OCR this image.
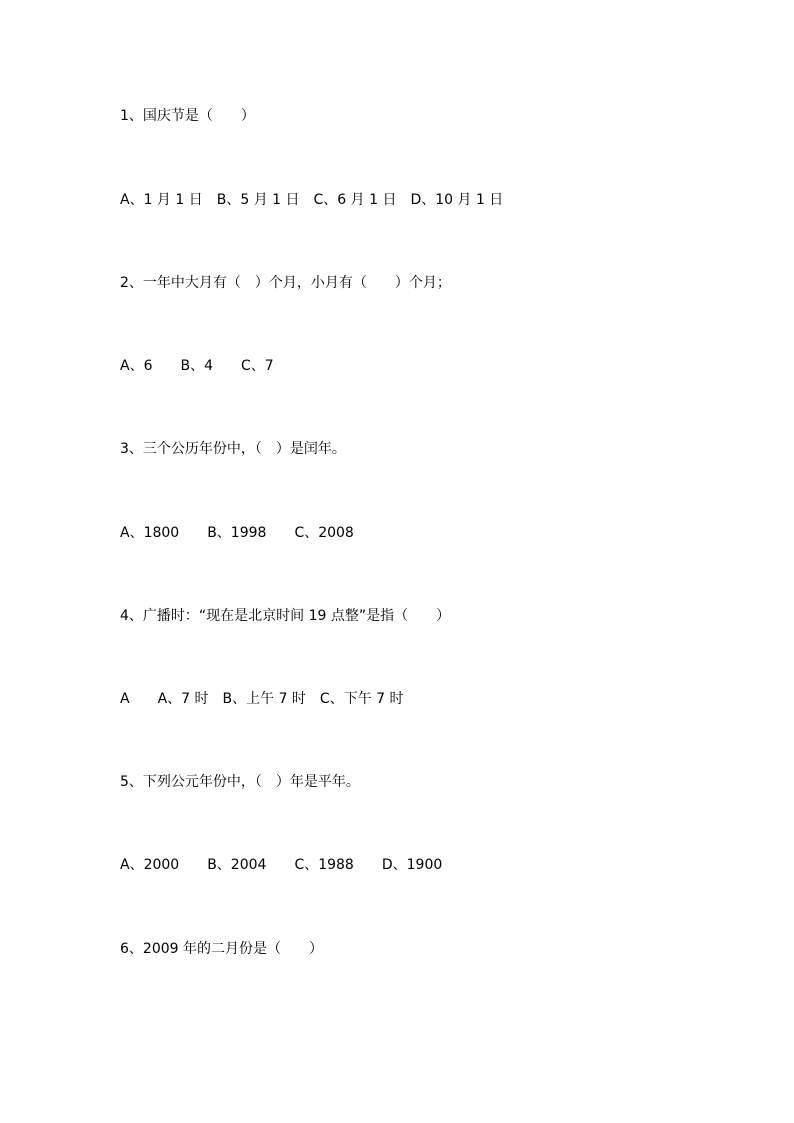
1、国庆节是（　　）
A、1 月 1 日　B、5 月 1 日　C、6 月 1 日　D、10 月 1 日
2、一年中大月有（　）个月，小月有（　　）个月；
A、6　　B、4　　C、7
3、三个公历年份中，（　）是闰年。
A、1800　　B、1998　　C、2008
4、广播时：“现在是北京时间 19 点整”是指（　　）
A　　A、7 时　B、上午 7 时　C、下午 7 时
5、下列公元年份中，（　）年是平年。
A、2000　　B、2004　　C、1988　　D、1900
6、2009 年的二月份是（　　）
